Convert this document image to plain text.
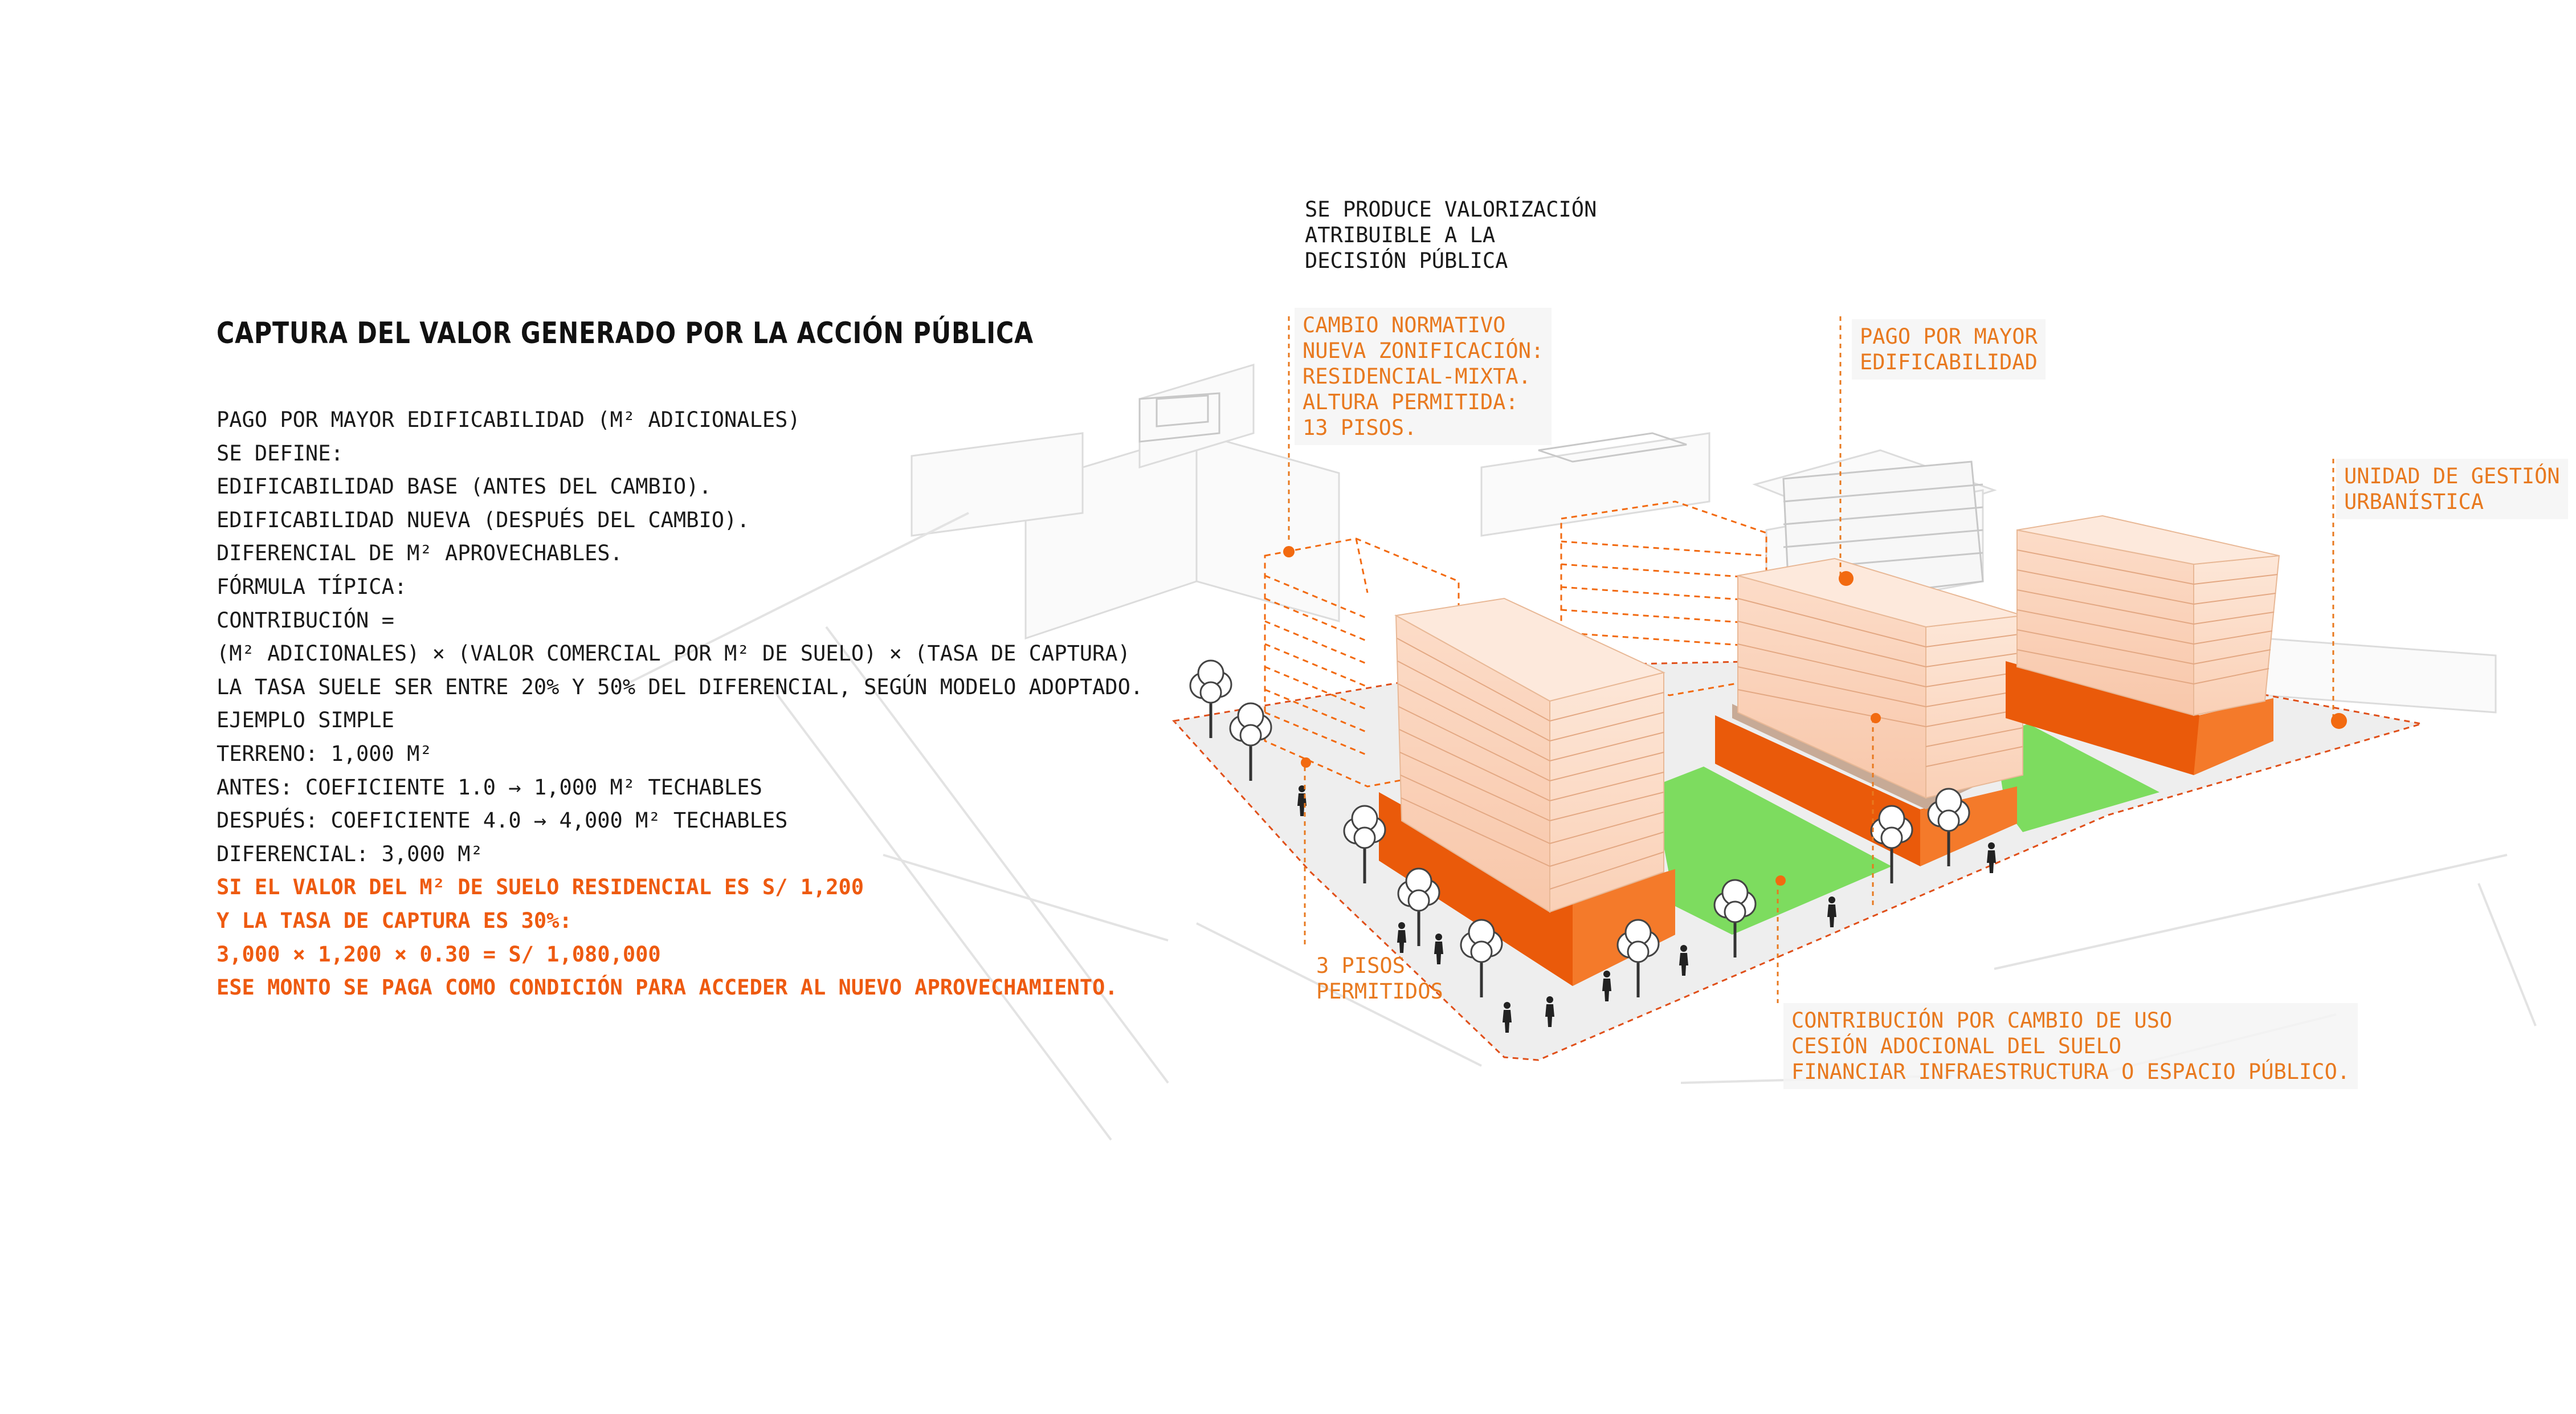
CAPTURA DEL VALOR GENERADO POR LA ACCIÓN PÚBLICA
PAGO POR MAYOR EDIFICABILIDAD (M² ADICIONALES)
SE DEFINE:
EDIFICABILIDAD BASE (ANTES DEL CAMBIO).
EDIFICABILIDAD NUEVA (DESPUÉS DEL CAMBIO).
DIFERENCIAL DE M² APROVECHABLES.
FÓRMULA TÍPICA:
CONTRIBUCIÓN =
(M² ADICIONALES) × (VALOR COMERCIAL POR M² DE SUELO) × (TASA DE CAPTURA)
LA TASA SUELE SER ENTRE 20% Y 50% DEL DIFERENCIAL, SEGÚN MODELO ADOPTADO.
EJEMPLO SIMPLE
TERRENO: 1,000 M²
ANTES: COEFICIENTE 1.0 → 1,000 M² TECHABLES
DESPUÉS: COEFICIENTE 4.0 → 4,000 M² TECHABLES
DIFERENCIAL: 3,000 M²
SI EL VALOR DEL M² DE SUELO RESIDENCIAL ES S/ 1,200
Y LA TASA DE CAPTURA ES 30%:
3,000 × 1,200 × 0.30 = S/ 1,080,000
ESE MONTO SE PAGA COMO CONDICIÓN PARA ACCEDER AL NUEVO APROVECHAMIENTO.
SE PRODUCE VALORIZACIÓN
ATRIBUIBLE A LA
DECISIÓN PÚBLICA
CAMBIO NORMATIVO
NUEVA ZONIFICACIÓN:
RESIDENCIAL-MIXTA.
ALTURA PERMITIDA:
13 PISOS.
PAGO POR MAYOR
EDIFICABILIDAD
UNIDAD DE GESTIÓN
URBANÍSTICA
3 PISOS
PERMITIDOS
CONTRIBUCIÓN POR CAMBIO DE USO
CESIÓN ADOCIONAL DEL SUELO
FINANCIAR INFRAESTRUCTURA O ESPACIO PÚBLICO.
